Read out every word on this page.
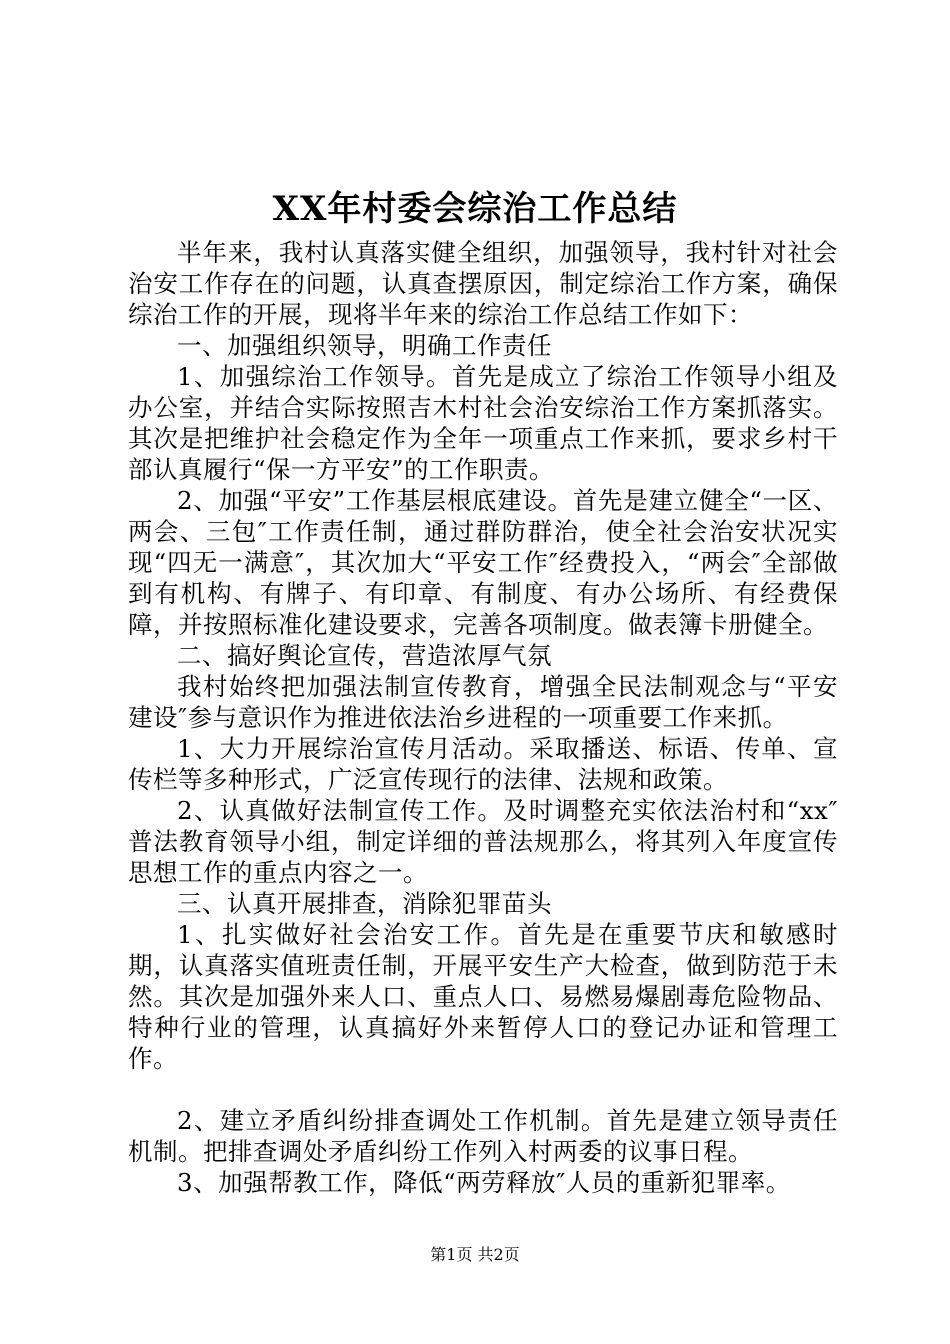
XX年村委会综治工作总结

半年来，我村认真落实健全组织，加强领导，我村针对社会治安工作存在的问题，认真查摆原因，制定综治工作方案，确保综治工作的开展，现将半年来的综治工作总结工作如下：

一、加强组织领导，明确工作责任

1、加强综治工作领导。首先是成立了综治工作领导小组及办公室，并结合实际按照吉木村社会治安综治工作方案抓落实。其次是把维护社会稳定作为全年一项重点工作来抓，要求乡村干部认真履行“保一方平安”的工作职责。

2、加强“平安”工作基层根底建设。首先是建立健全“一区、两会、三包″工作责任制，通过群防群治，使全社会治安状况实现“四无一满意″，其次加大“平安工作″经费投入，“两会″全部做到有机构、有牌子、有印章、有制度、有办公场所、有经费保障，并按照标准化建设要求，完善各项制度。做表簿卡册健全。

二、搞好舆论宣传，营造浓厚气氛

我村始终把加强法制宣传教育，增强全民法制观念与“平安建设″参与意识作为推进依法治乡进程的一项重要工作来抓。

1、大力开展综治宣传月活动。采取播送、标语、传单、宣传栏等多种形式，广泛宣传现行的法律、法规和政策。

2、认真做好法制宣传工作。及时调整充实依法治村和“xx″普法教育领导小组，制定详细的普法规那么，将其列入年度宣传思想工作的重点内容之一。

三、认真开展排查，消除犯罪苗头

1、扎实做好社会治安工作。首先是在重要节庆和敏感时期，认真落实值班责任制，开展平安生产大检查，做到防范于未然。其次是加强外来人口、重点人口、易燃易爆剧毒危险物品、特种行业的管理，认真搞好外来暂停人口的登记办证和管理工作。

2、建立矛盾纠纷排查调处工作机制。首先是建立领导责任机制。把排查调处矛盾纠纷工作列入村两委的议事日程。

3、加强帮教工作，降低“两劳释放″人员的重新犯罪率。

第1页 共2页
